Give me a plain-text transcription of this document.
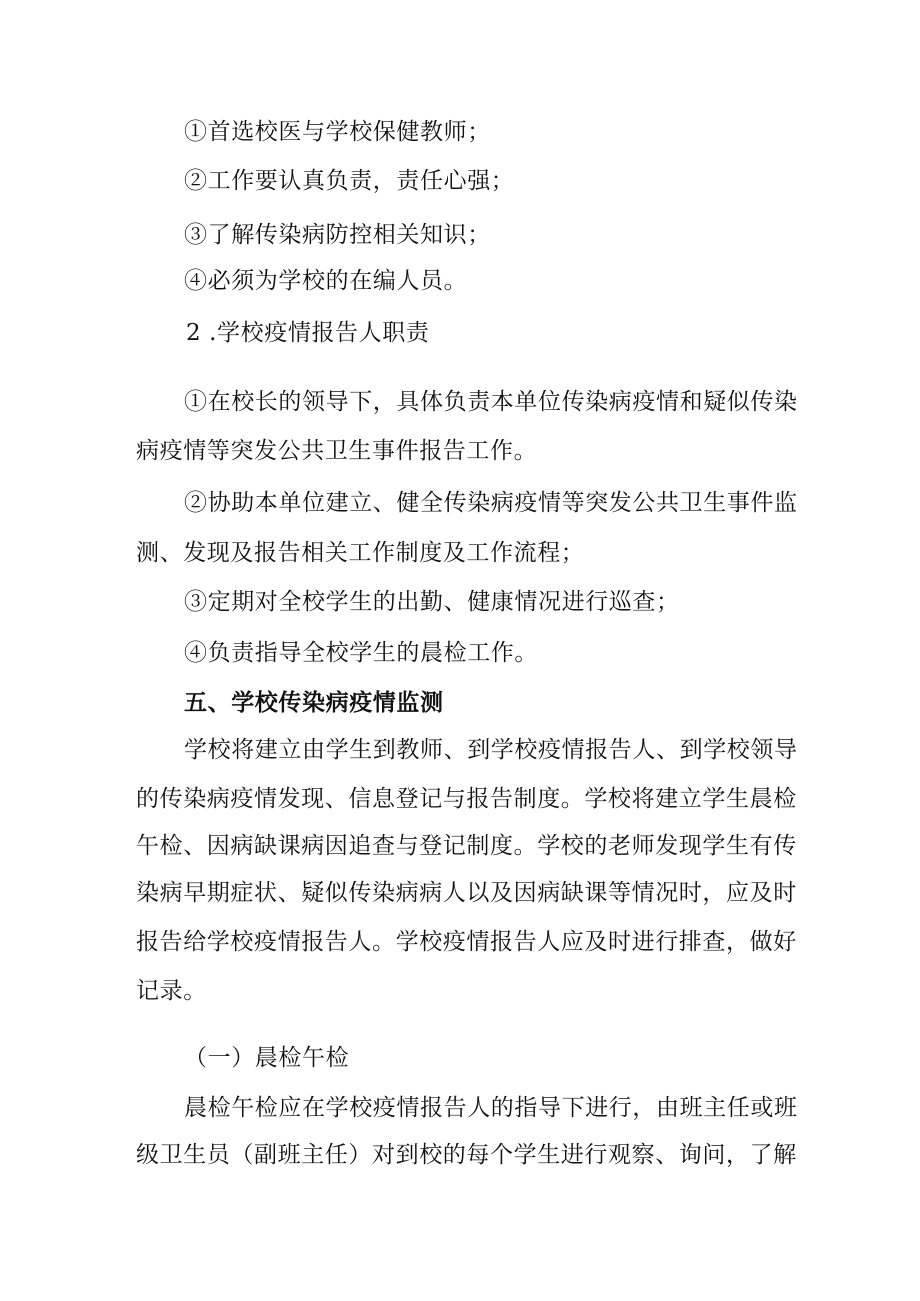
①首选校医与学校保健教师；
②工作要认真负责，责任心强；
③了解传染病防控相关知识；
④必须为学校的在编人员。
2 .学校疫情报告人职责
①在校长的领导下，具体负责本单位传染病疫情和疑似传染
病疫情等突发公共卫生事件报告工作。
②协助本单位建立、健全传染病疫情等突发公共卫生事件监
测、发现及报告相关工作制度及工作流程；
③定期对全校学生的出勤、健康情况进行巡查；
④负责指导全校学生的晨检工作。
五、学校传染病疫情监测
学校将建立由学生到教师、到学校疫情报告人、到学校领导
的传染病疫情发现、信息登记与报告制度。学校将建立学生晨检
午检、因病缺课病因追查与登记制度。学校的老师发现学生有传
染病早期症状、疑似传染病病人以及因病缺课等情况时，应及时
报告给学校疫情报告人。学校疫情报告人应及时进行排查，做好
记录。
（一）晨检午检
晨检午检应在学校疫情报告人的指导下进行，由班主任或班
级卫生员（副班主任）对到校的每个学生进行观察、询问，了解
